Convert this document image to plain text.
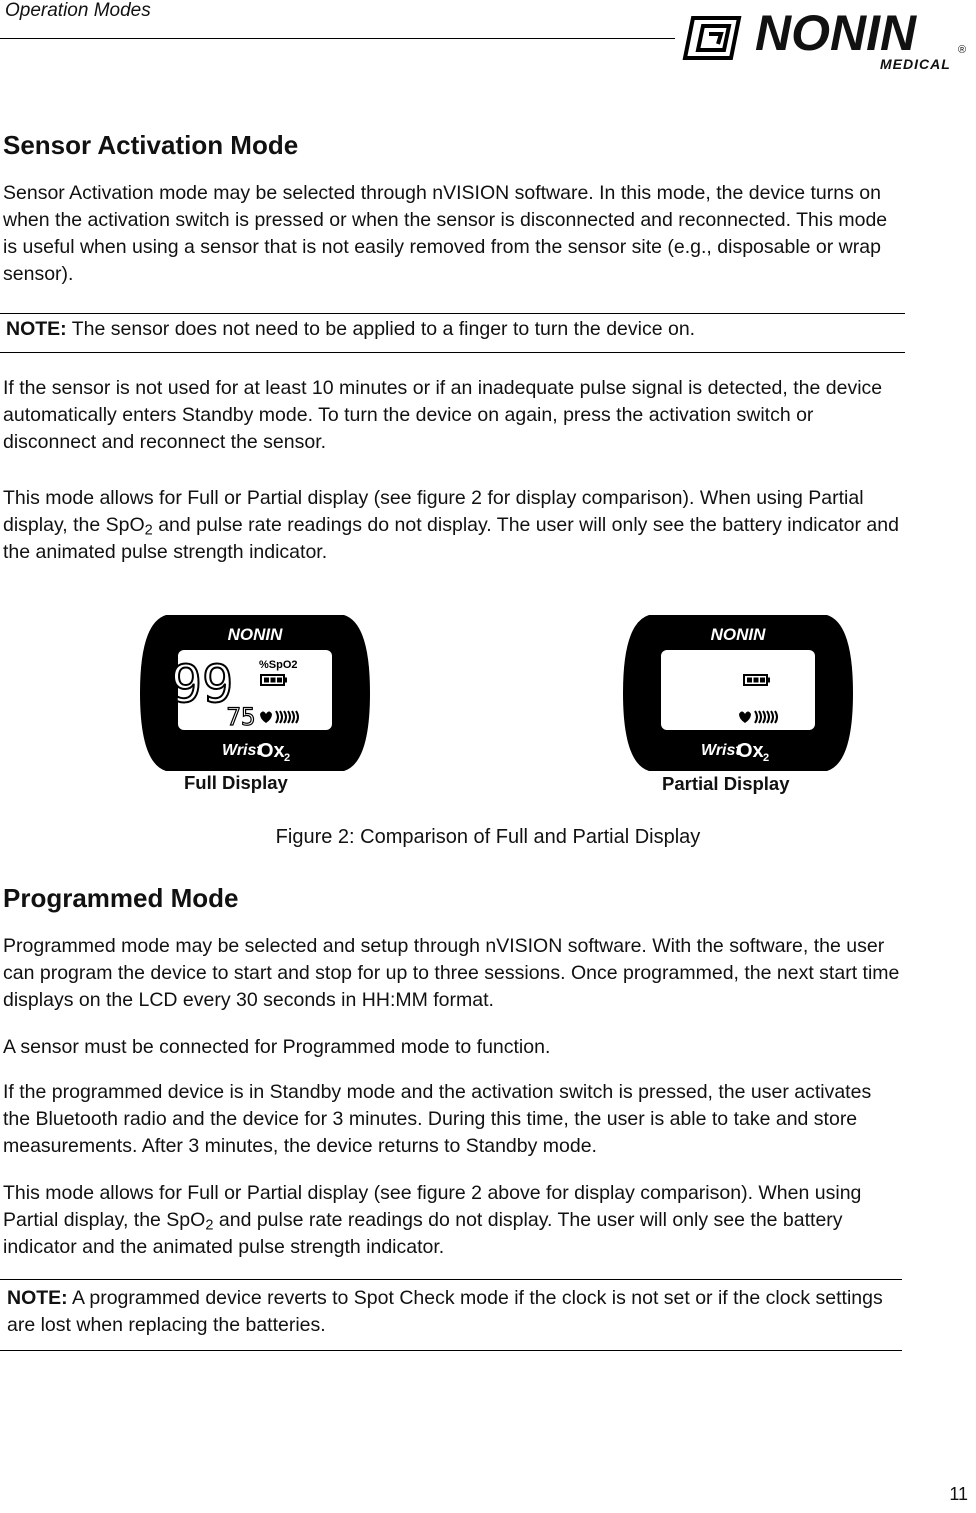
Operation Modes	NONIN	®
MEDICAL
Sensor Activation Mode

Sensor Activation mode may be selected through nVISION software. In this mode, the device turns on when the activation switch is pressed or when the sensor is disconnected and reconnected. This mode is useful when using a sensor that is not easily removed from the sensor site (e.g., disposable or wrap sensor).

NOTE: The sensor does not need to be applied to a finger to turn the device on.

If the sensor is not used for at least 10 minutes or if an inadequate pulse signal is detected, the device automatically enters Standby mode. To turn the device on again, press the activation switch or disconnect and reconnect the sensor.

This mode allows for Full or Partial display (see figure 2 for display comparison). When using Partial display, the SpO$_2$ and pulse rate readings do not display. The user will only see the battery indicator and the animated pulse strength indicator.

NONIN
99 %SpO2
75
Wrist
Ox 2
Full Display
NONIN
Wrist
Ox 2
Partial Display
Figure 2: Comparison of Full and Partial Display
Programmed Mode

Programmed mode may be selected and setup through nVISION software. With the software, the user can program the device to start and stop for up to three sessions. Once programmed, the next start time displays on the LCD every 30 seconds in HH:MM format.

A sensor must be connected for Programmed mode to function.

If the programmed device is in Standby mode and the activation switch is pressed, the user activates the Bluetooth radio and the device for 3 minutes. During this time, the user is able to take and store measurements. After 3 minutes, the device returns to Standby mode.

This mode allows for Full or Partial display (see figure 2 above for display comparison). When using Partial display, the SpO$_2$ and pulse rate readings do not display. The user will only see the battery indicator and the animated pulse strength indicator.

NOTE: A programmed device reverts to Spot Check mode if the clock is not set or if the clock settings are lost when replacing the batteries.

11
